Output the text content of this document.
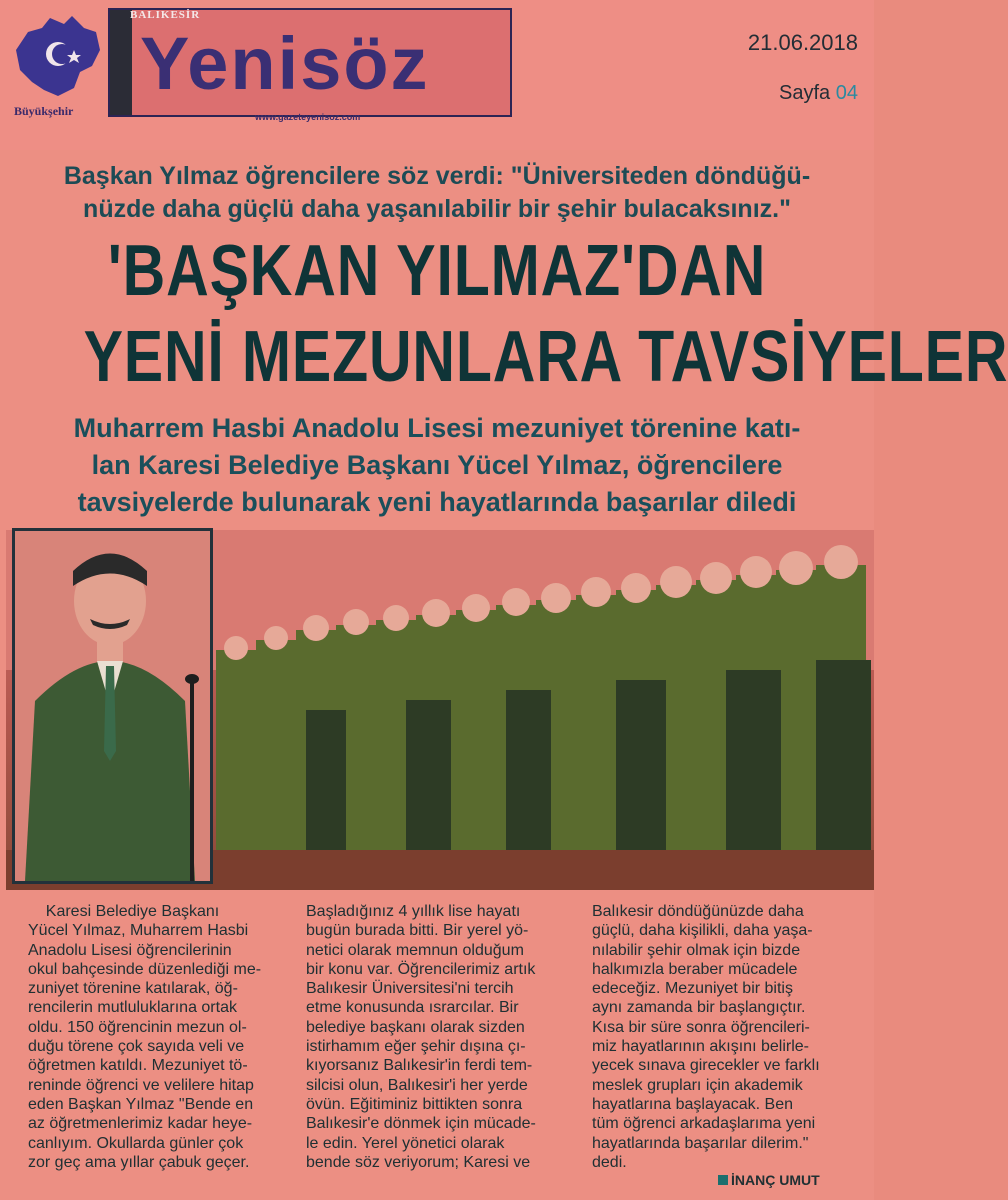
Büyükşehir
BALIKESİR
Yenisöz
www.gazeteyenisoz.com
21.06.2018
Sayfa 04
Başkan Yılmaz öğrencilere söz verdi: "Üniversiteden döndüğü-
nüzde daha güçlü daha yaşanılabilir bir şehir bulacaksınız."
'BAŞKAN YILMAZ'DAN
YENİ MEZUNLARA TAVSİYELER
Muharrem Hasbi Anadolu Lisesi mezuniyet törenine katı-
lan Karesi Belediye Başkanı Yücel Yılmaz, öğrencilere
tavsiyelerde bulunarak yeni hayatlarında başarılar diledi
Karesi Belediye Başkanı
Yücel Yılmaz, Muharrem Hasbi
Anadolu Lisesi öğrencilerinin
okul bahçesinde düzenlediği me-
zuniyet törenine katılarak, öğ-
rencilerin mutluluklarına ortak
oldu. 150 öğrencinin mezun ol-
duğu törene çok sayıda veli ve
öğretmen katıldı. Mezuniyet tö-
reninde öğrenci ve velilere hitap
eden Başkan Yılmaz "Bende en
az öğretmenlerimiz kadar heye-
canlıyım. Okullarda günler çok
zor geç ama yıllar çabuk geçer.
Başladığınız 4 yıllık lise hayatı
bugün burada bitti. Bir yerel yö-
netici olarak memnun olduğum
bir konu var. Öğrencilerimiz artık
Balıkesir Üniversitesi'ni tercih
etme konusunda ısrarcılar. Bir
belediye başkanı olarak sizden
istirhamım eğer şehir dışına çı-
kıyorsanız Balıkesir'in ferdi tem-
silcisi olun, Balıkesir'i her yerde
övün. Eğitiminiz bittikten sonra
Balıkesir'e dönmek için mücade-
le edin. Yerel yönetici olarak
bende söz veriyorum; Karesi ve
Balıkesir döndüğünüzde daha
güçlü, daha kişilikli, daha yaşa-
nılabilir şehir olmak için bizde
halkımızla beraber mücadele
edeceğiz. Mezuniyet bir bitiş
aynı zamanda bir başlangıçtır.
Kısa bir süre sonra öğrencileri-
miz hayatlarının akışını belirle-
yecek sınava girecekler ve farklı
meslek grupları için akademik
hayatlarına başlayacak. Ben
tüm öğrenci arkadaşlarıma yeni
hayatlarında başarılar dilerim."
dedi.
İNANÇ UMUT
